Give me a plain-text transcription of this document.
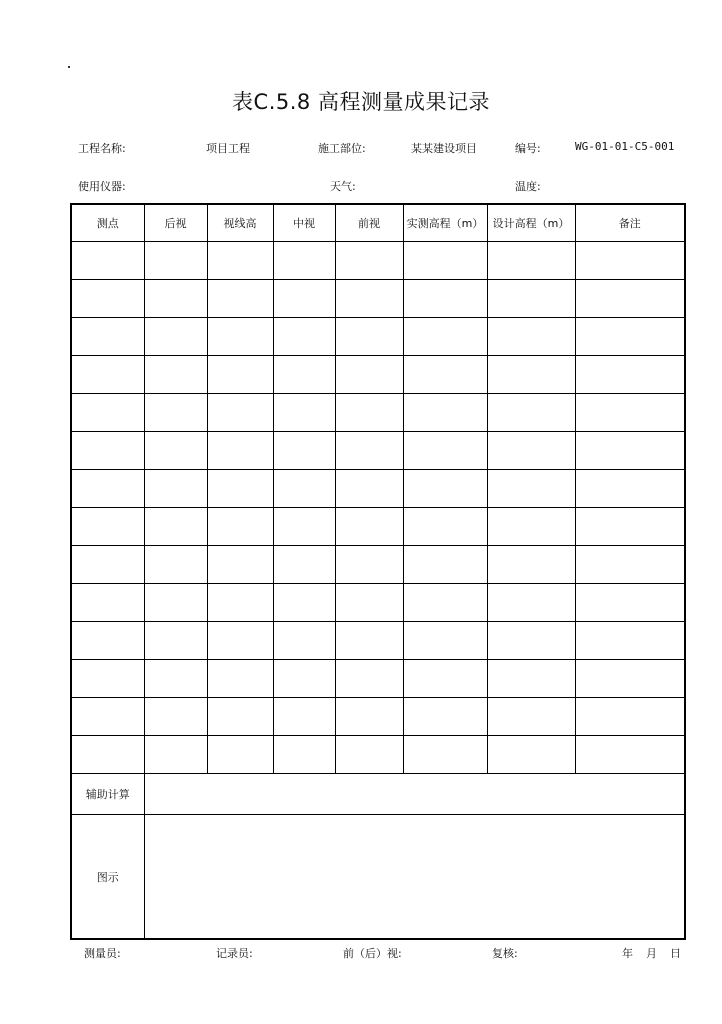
表C.5.8 高程测量成果记录
工程名称:	项目工程	施工部位:	某某建设项目	编号:	WG-01-01-C5-001
使用仪器:	天气:	温度:
测点	后视	视线高	中视	前视	实测高程（m）	设计高程（m）	备注

辅助计算							
图示							
测量员:	记录员:	前（后）视:	复核:	年 月 日
